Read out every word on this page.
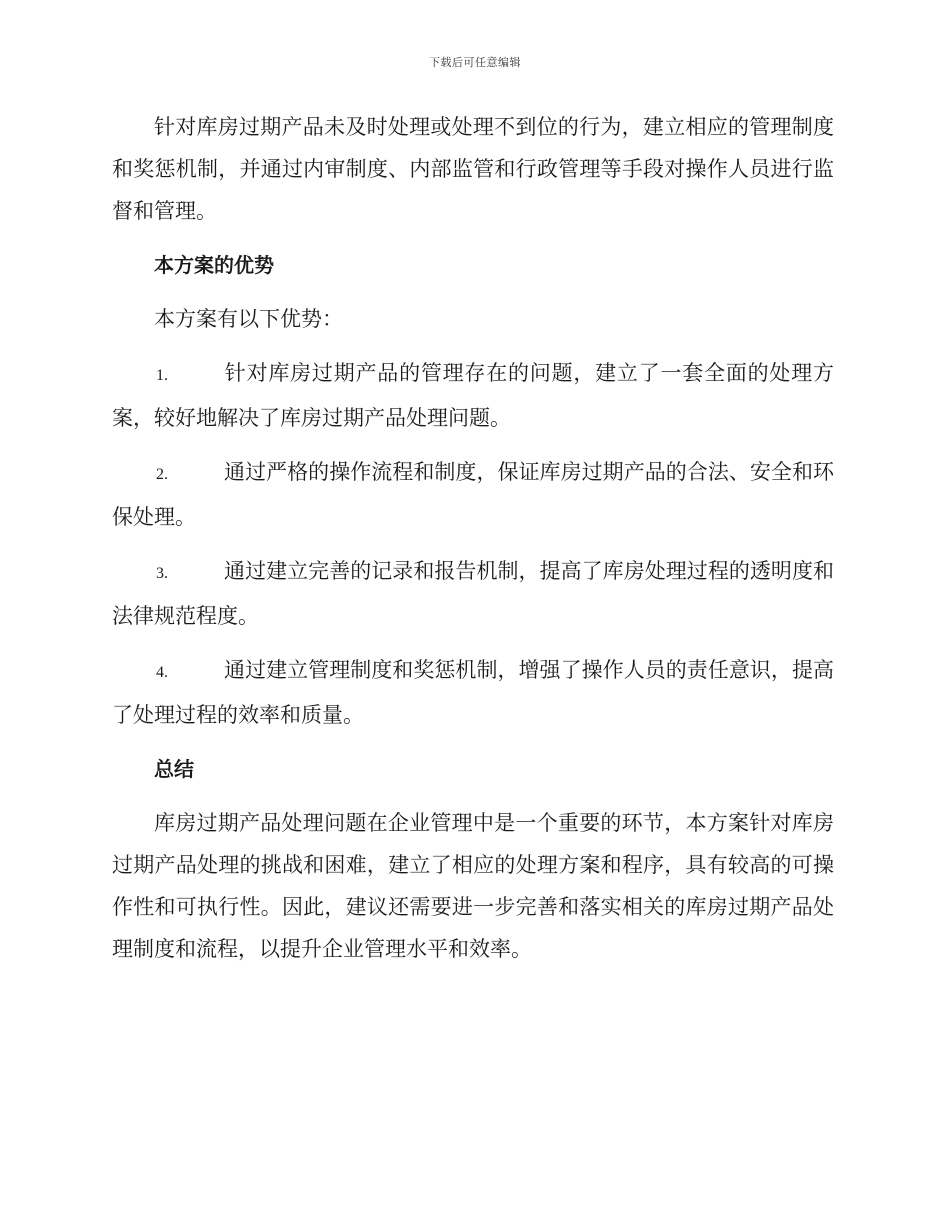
下载后可任意编辑

针对库房过期产品未及时处理或处理不到位的行为，建立相应的管理制度和奖惩机制，并通过内审制度、内部监管和行政管理等手段对操作人员进行监督和管理。

本方案的优势

本方案有以下优势：

1.	针对库房过期产品的管理存在的问题，建立了一套全面的处理方案，较好地解决了库房过期产品处理问题。

2.	通过严格的操作流程和制度，保证库房过期产品的合法、安全和环保处理。

3.	通过建立完善的记录和报告机制，提高了库房处理过程的透明度和法律规范程度。

4.	通过建立管理制度和奖惩机制，增强了操作人员的责任意识，提高了处理过程的效率和质量。

总结

库房过期产品处理问题在企业管理中是一个重要的环节，本方案针对库房过期产品处理的挑战和困难，建立了相应的处理方案和程序，具有较高的可操作性和可执行性。因此，建议还需要进一步完善和落实相关的库房过期产品处理制度和流程，以提升企业管理水平和效率。
